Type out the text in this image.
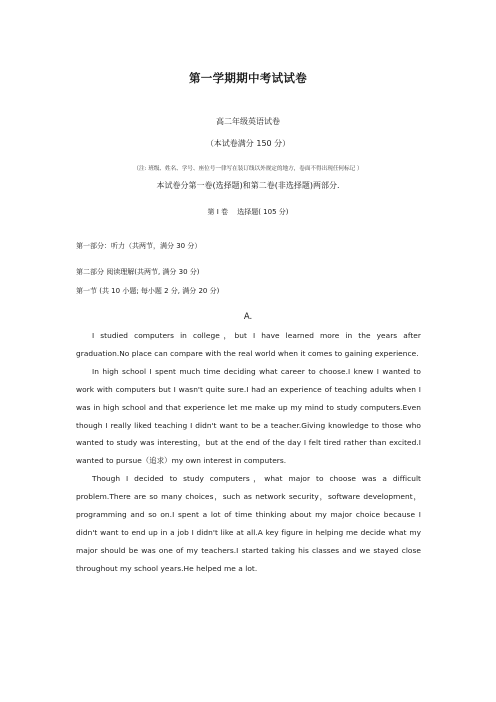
第一学期期中考试试卷
高二年级英语试卷
（本试卷满分 150 分）
（注: 班级、姓名、学号、座位号一律写在装订线以外规定的地方，卷面不得出现任何标记 ）
本试卷分第一卷(选择题)和第二卷(非选择题)两部分.
第 I 卷　 选择题( 105 分)
第一部分：听力（共两节，满分 30 分）
第二部分 阅读理解(共两节, 满分 30 分)
第一节 (共 10 小题; 每小题 2 分, 满分 20 分)
A.

I studied computers in college，but I have learned more in the years after graduation.No place can compare with the real world when it comes to gaining experience.

In high school I spent much time deciding what career to choose.I knew I wanted to work with computers but I wasn't quite sure.I had an experience of teaching adults when I was in high school and that experience let me make up my mind to study computers.Even though I really liked teaching I didn't want to be a teacher.Giving knowledge to those who wanted to study was interesting，but at the end of the day I felt tired rather than excited.I wanted to pursue（追求）my own interest in computers.

Though I decided to study computers，what major to choose was a difficult problem.There are so many choices，such as network security，software development，programming and so on.I spent a lot of time thinking about my major choice because I didn't want to end up in a job I didn't like at all.A key figure in helping me decide what my major should be was one of my teachers.I started taking his classes and we stayed close throughout my school years.He helped me a lot.
